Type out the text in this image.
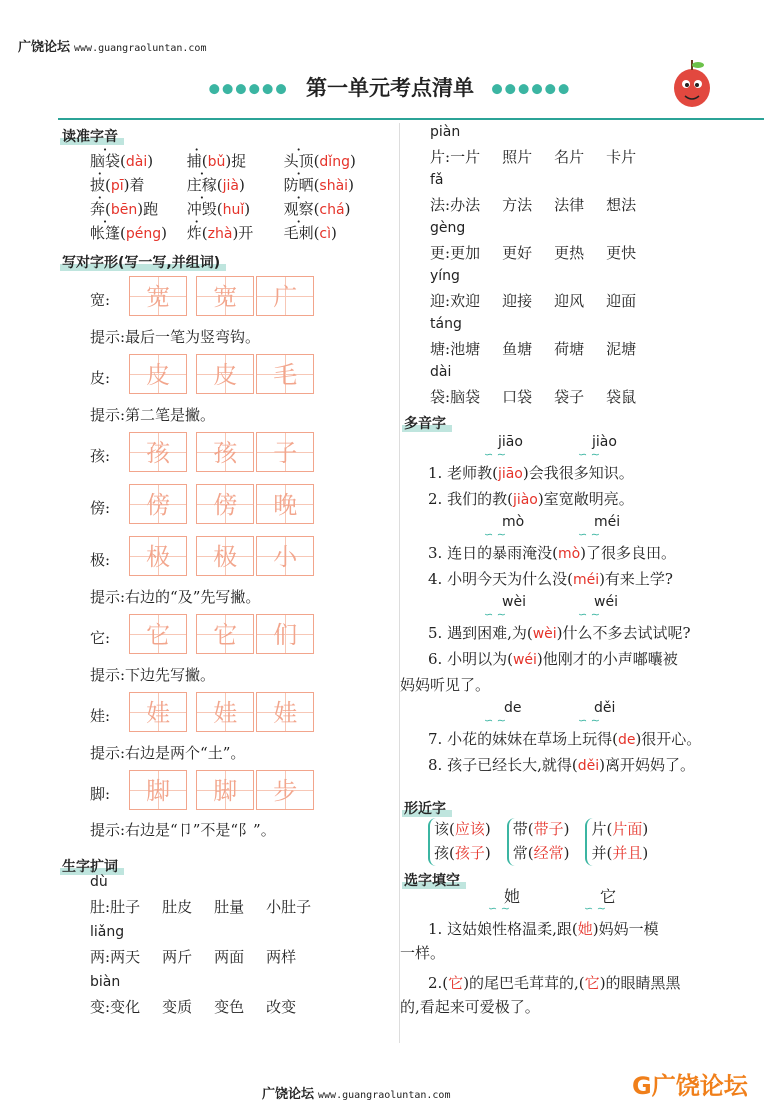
广饶论坛 www.guangraoluntan.com
●●●●●● 第一单元考点清单 ●●●●●●
读准字音
脑袋( ·dài) 捕( ·bǔ)捉 头顶( ·dǐng)
披( ·pī)着	庄稼( ·jià)	防晒( ·shài)
奔( ·bēn)跑 冲毁( ·huǐ) 观察( ·chá)
帐篷( ·péng) 炸( ·zhà)开 毛刺( ·cì)
写对字形(写一写,并组词)
宽: 宽 宽 广
提示:最后一笔为竖弯钩。
皮: 皮 皮 毛
提示:第二笔是撇。
孩: 孩 孩 子
傍: 傍 傍 晚
极: 极 极 小
提示:右边的“及”先写撇。
它: 它 它 们
提示:下边先写撇。
娃: 娃 娃 娃
提示:右边是两个“土”。
脚: 脚 脚 步
提示:右边是“卩”不是“阝”。
生字扩词
dù
肚:肚子 肚皮 肚量 小肚子
liǎng
两:两天 两斤 两面 两样
biàn
变:变化 变质 变色 改变
piàn
片:一片 照片 名片 卡片
fǎ
法:办法 方法 法律 想法
gèng
更:更加 更好 更热 更快
yíng
迎:欢迎 迎接 迎风 迎面
táng
塘:池塘 鱼塘 荷塘 泥塘
dài
袋:脑袋 口袋 袋子 袋鼠
多音字
jiāo	jiào
∽ ∼	∽ ∼
1. 老师教(jiāo)会我很多知识。
2. 我们的教(jiào)室宽敞明亮。
mò	méi
∽ ∼	∽ ∼
3. 连日的暴雨淹没(mò)了很多良田。
4. 小明今天为什么没(méi)有来上学?
wèi	wéi
∽ ∼	∽ ∼
5. 遇到困难,为(wèi)什么不多去试试呢?
6. 小明以为(wéi)他刚才的小声嘟囔被
妈妈听见了。
de	děi
∽ ∼	∽ ∼
7. 小花的妹妹在草场上玩得(de)很开心。
8. 孩子已经长大,就得(děi)离开妈妈了。
形近字
该(应该)
孩(孩子)
带(带子)
常(经常)
片(片面)
并(并且)
选字填空
她	它
∽ ∼	∽ ∼
1. 这姑娘性格温柔,跟(她)妈妈一模
一样。
2.(它)的尾巴毛茸茸的,(它)的眼睛黑黑
的,看起来可爱极了。
广饶论坛 www.guangraoluntan.com	G广饶论坛
